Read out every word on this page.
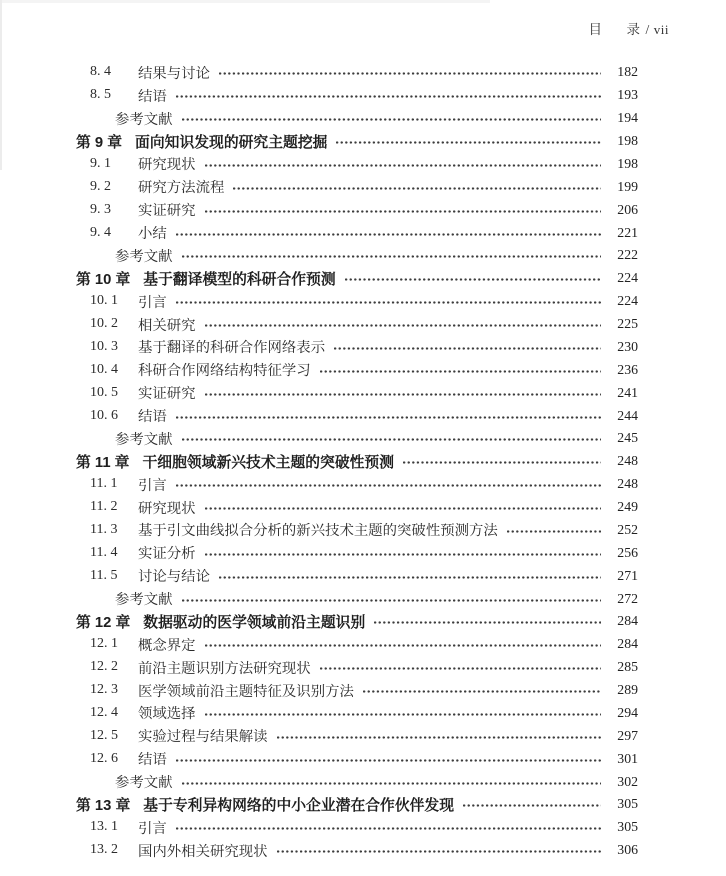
目 录 / vii
8. 4	结果与讨论	182
8. 5	结语	193
参考文献	194
第 9 章 面向知识发现的研究主题挖掘	198
9. 1	研究现状	198
9. 2	研究方法流程	199
9. 3	实证研究	206
9. 4	小结	221
参考文献	222
第 10 章 基于翻译模型的科研合作预测	224
10. 1	引言	224
10. 2	相关研究	225
10. 3	基于翻译的科研合作网络表示	230
10. 4	科研合作网络结构特征学习	236
10. 5	实证研究	241
10. 6	结语	244
参考文献	245
第 11 章 干细胞领域新兴技术主题的突破性预测	248
11. 1	引言	248
11. 2	研究现状	249
11. 3	基于引文曲线拟合分析的新兴技术主题的突破性预测方法	252
11. 4	实证分析	256
11. 5	讨论与结论	271
参考文献	272
第 12 章 数据驱动的医学领域前沿主题识别	284
12. 1	概念界定	284
12. 2	前沿主题识别方法研究现状	285
12. 3	医学领域前沿主题特征及识别方法	289
12. 4	领域选择	294
12. 5	实验过程与结果解读	297
12. 6	结语	301
参考文献	302
第 13 章 基于专利异构网络的中小企业潜在合作伙伴发现	305
13. 1	引言	305
13. 2	国内外相关研究现状	306
